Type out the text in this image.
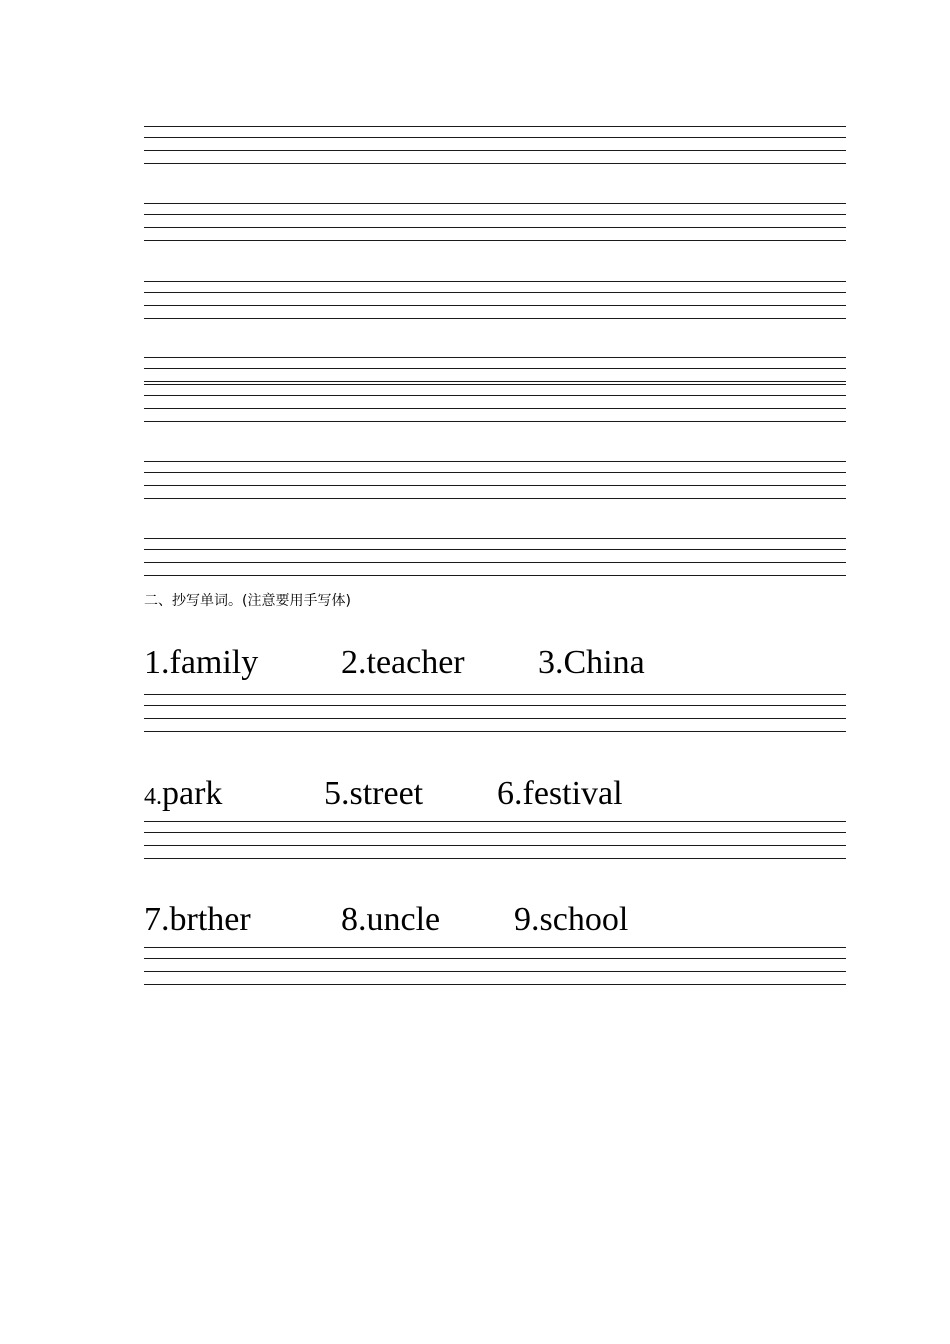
二、抄写单词。(注意要用手写体)
1.family 2.teacher 3.China
4.park	5.street 6.festival
7.brther	8.uncle 9.school
